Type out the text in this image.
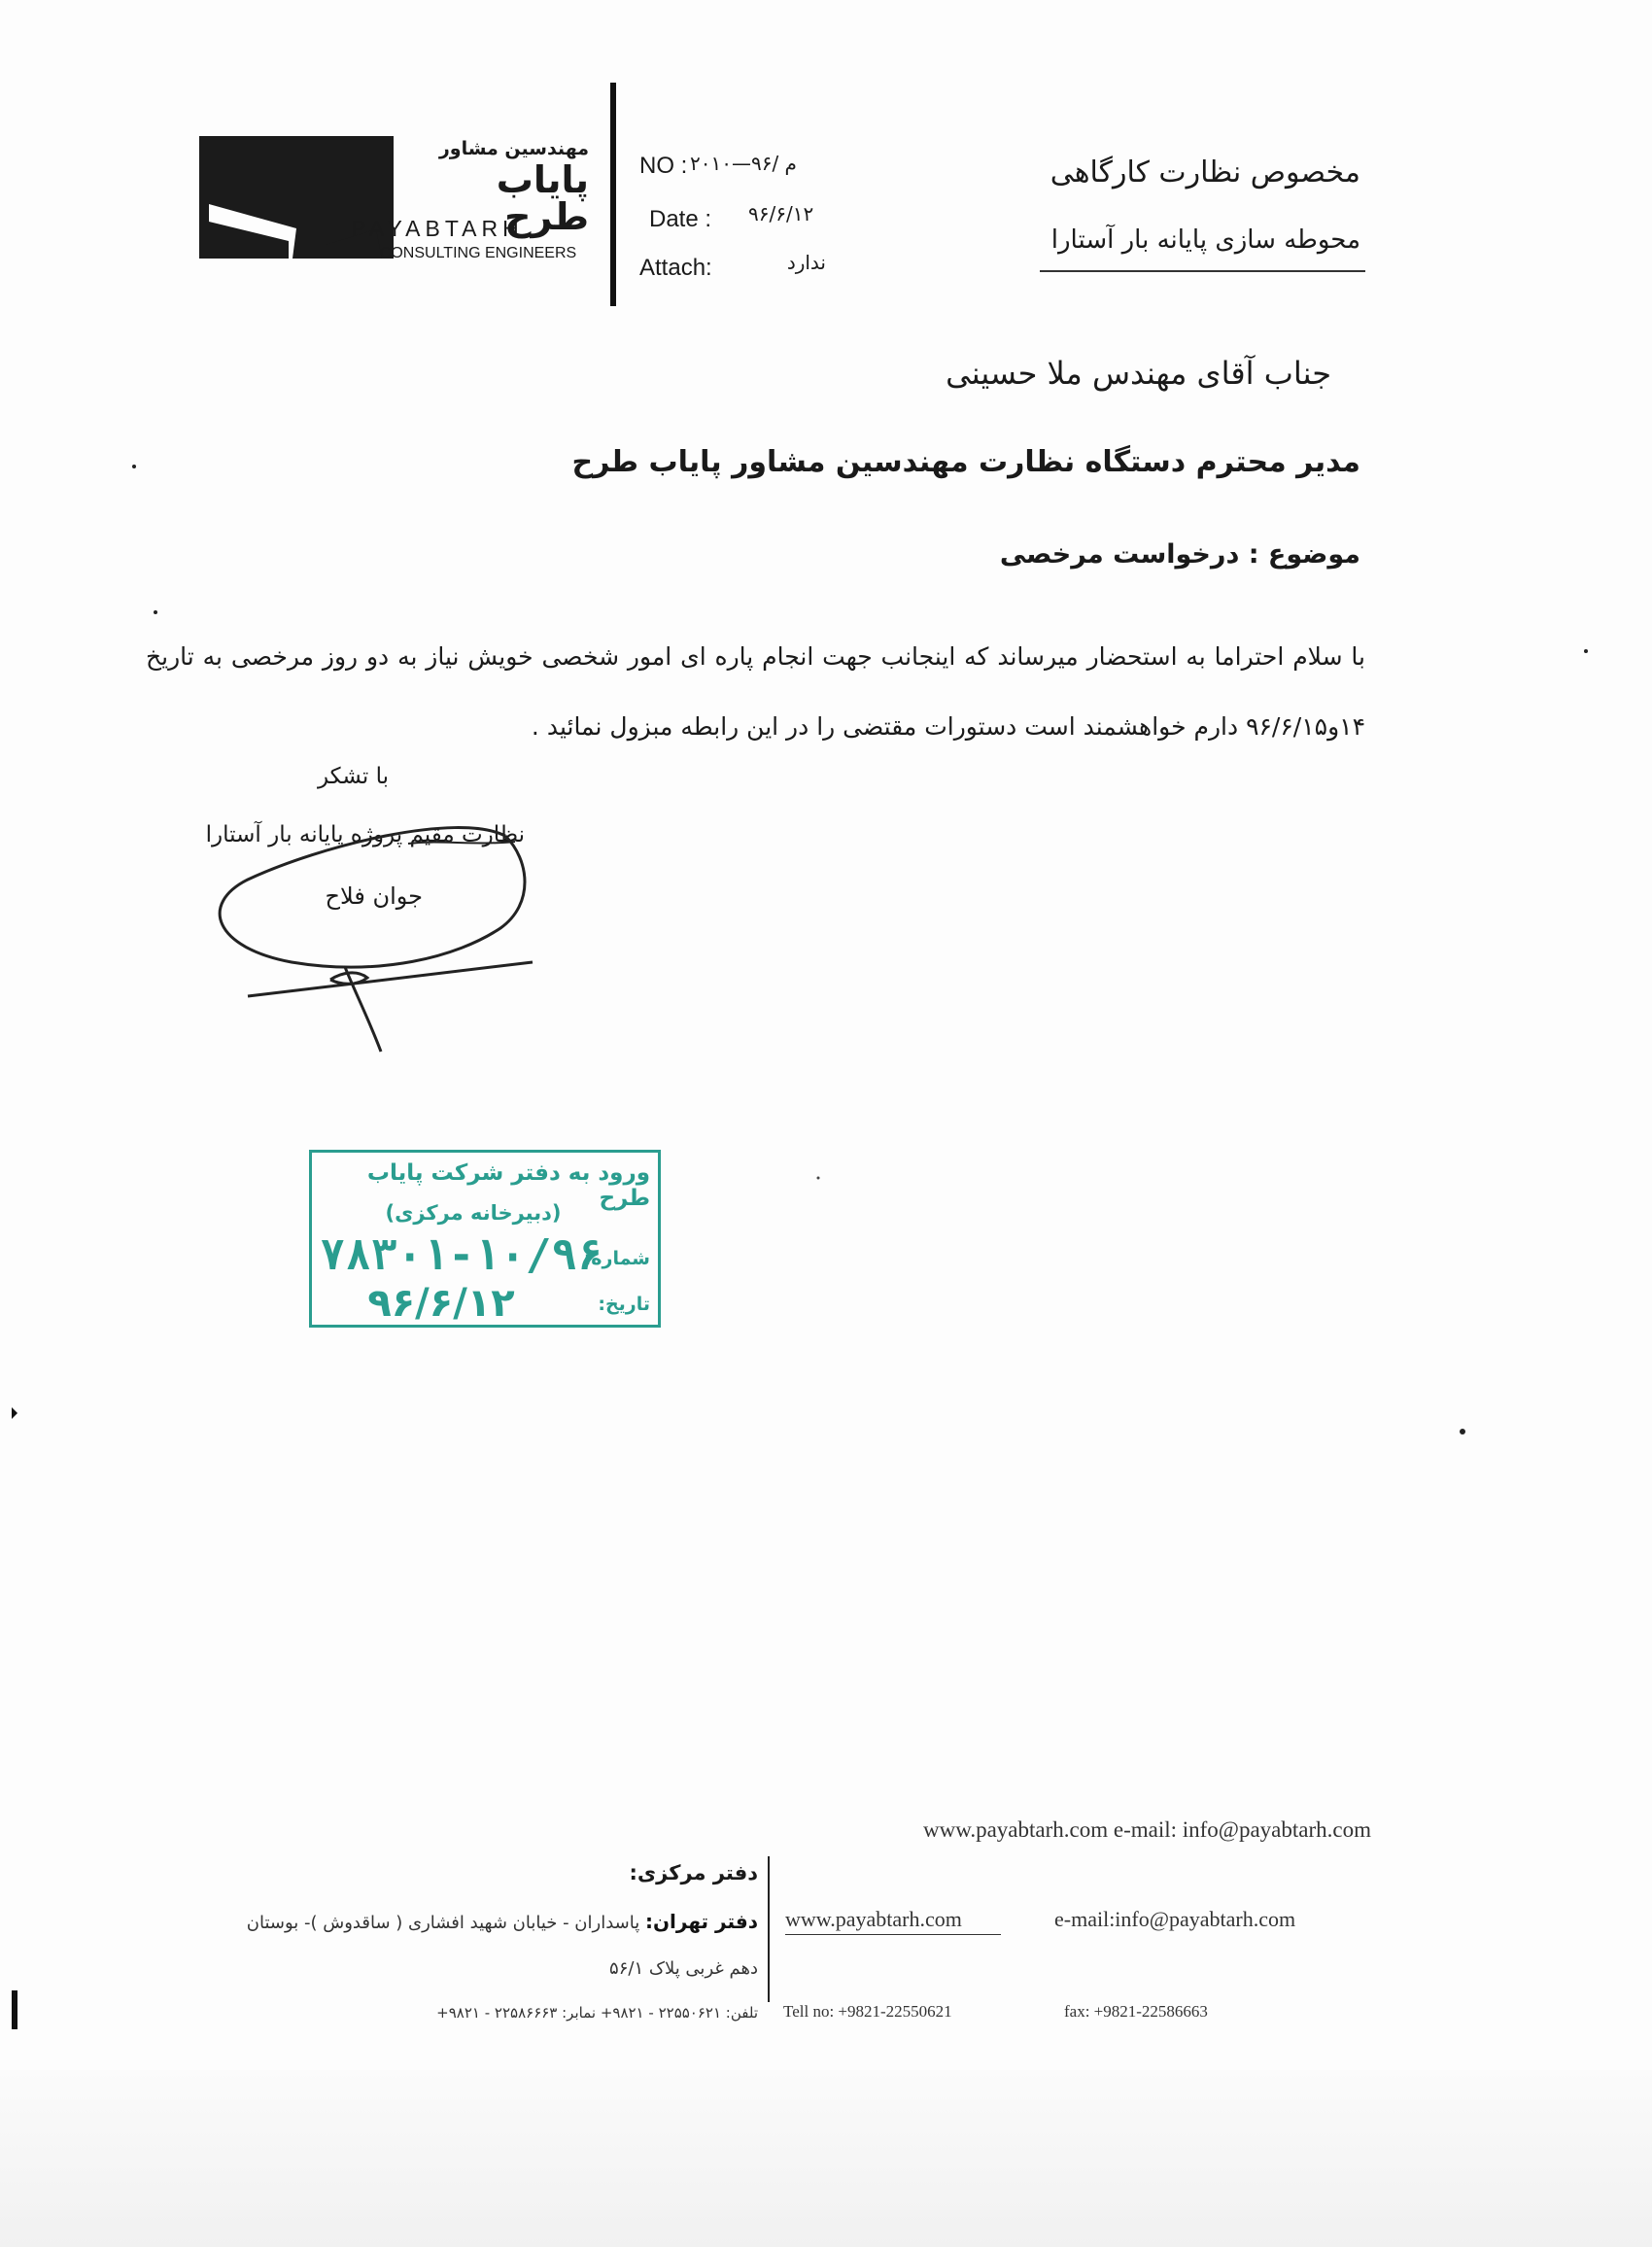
مهندسین مشاور
پایاب طرح
PAYABTARH
CONSULTING ENGINEERS
NO : م /۹۶—۲۰۱۰
Date : ۹۶/۶/۱۲
Attach:	ندارد
مخصوص نظارت کارگاهی
محوطه سازی پایانه بار آستارا
جناب آقای مهندس ملا حسینی
مدیر محترم دستگاه نظارت مهندسین مشاور پایاب طرح
موضوع : درخواست مرخصی
با سلام احتراما به استحضار میرساند که اینجانب جهت انجام پاره ای امور شخصی خویش نیاز به دو روز مرخصی به تاریخ ۱۴و۹۶/۶/۱۵ دارم خواهشمند است دستورات مقتضی را در این رابطه مبزول نمائید .
با تشکر
نظارت مقیم پروژه پایانه بار آستارا
جوان فلاح
ورود به دفتر شرکت پایاب طرح
(دبیرخانه مرکزی)
شماره:
۷۸۳۰۱-۱۰/۹۶
تاریخ:
۹۶/۶/۱۲
www.payabtarh.com e-mail: info@payabtarh.com
دفتر مرکزی:
دفتر تهران: پاسداران - خیابان شهید افشاری ( ساقدوش )- بوستان
دهم غربی پلاک ۵۶/۱
تلفن: ۲۲۵۵۰۶۲۱ - ۹۸۲۱+ نمابر: ۲۲۵۸۶۶۶۳ - ۹۸۲۱+
www.payabtarh.com	e-mail:info@payabtarh.com
Tell no: +9821-22550621	fax: +9821-22586663
